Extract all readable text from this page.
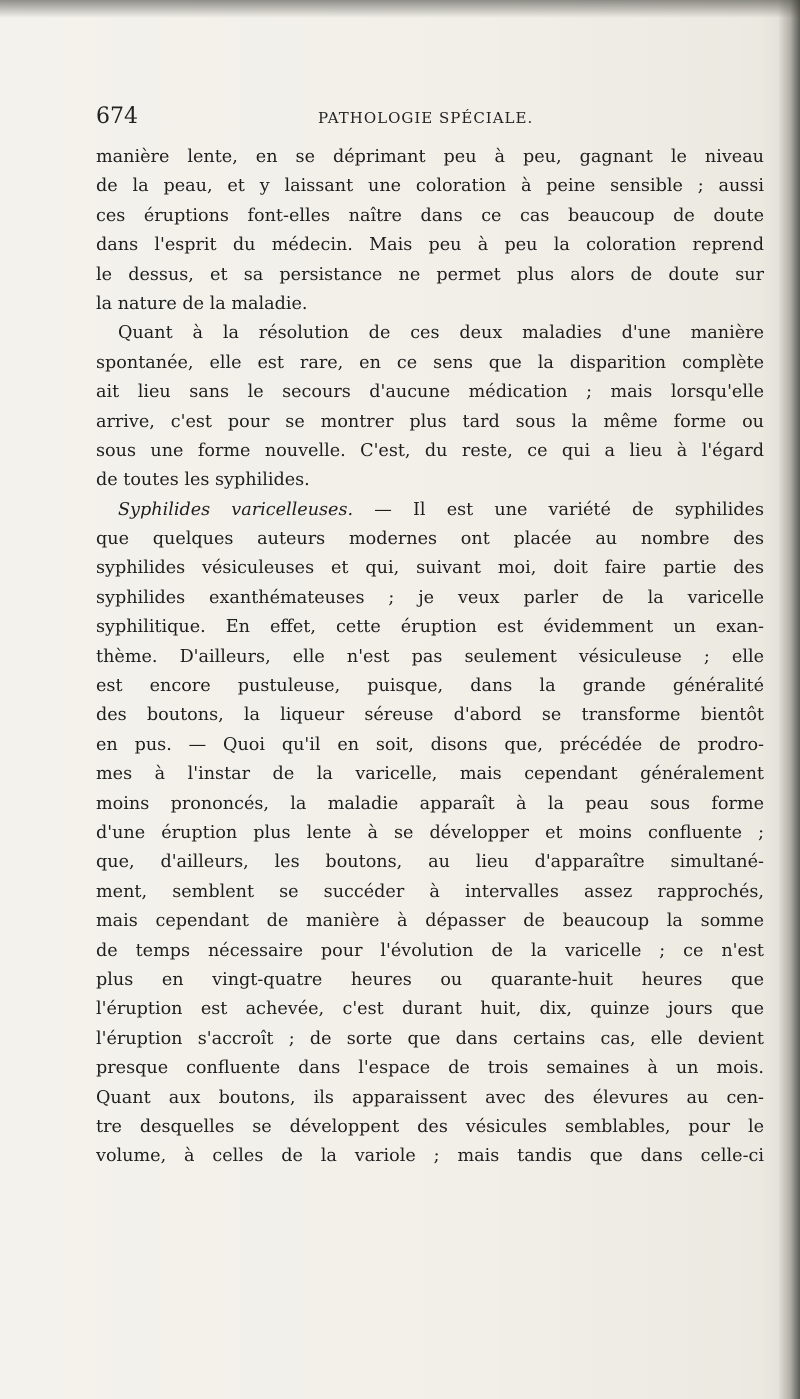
674	PATHOLOGIE SPÉCIALE.
manière lente, en se déprimant peu à peu, gagnant le niveau
de la peau, et y laissant une coloration à peine sensible ; aussi
ces éruptions font-elles naître dans ce cas beaucoup de doute
dans l'esprit du médecin. Mais peu à peu la coloration reprend
le dessus, et sa persistance ne permet plus alors de doute sur
la nature de la maladie.
Quant à la résolution de ces deux maladies d'une manière
spontanée, elle est rare, en ce sens que la disparition complète
ait lieu sans le secours d'aucune médication ; mais lorsqu'elle
arrive, c'est pour se montrer plus tard sous la même forme ou
sous une forme nouvelle. C'est, du reste, ce qui a lieu à l'égard
de toutes les syphilides.
Syphilides varicelleuses. — Il est une variété de syphilides
que quelques auteurs modernes ont placée au nombre des
syphilides vésiculeuses et qui, suivant moi, doit faire partie des
syphilides exanthémateuses ; je veux parler de la varicelle
syphilitique. En effet, cette éruption est évidemment un exan-
thème. D'ailleurs, elle n'est pas seulement vésiculeuse ; elle
est encore pustuleuse, puisque, dans la grande généralité
des boutons, la liqueur séreuse d'abord se transforme bientôt
en pus. — Quoi qu'il en soit, disons que, précédée de prodro-
mes à l'instar de la varicelle, mais cependant généralement
moins prononcés, la maladie apparaît à la peau sous forme
d'une éruption plus lente à se développer et moins confluente ;
que, d'ailleurs, les boutons, au lieu d'apparaître simultané-
ment, semblent se succéder à intervalles assez rapprochés,
mais cependant de manière à dépasser de beaucoup la somme
de temps nécessaire pour l'évolution de la varicelle ; ce n'est
plus en vingt-quatre heures ou quarante-huit heures que
l'éruption est achevée, c'est durant huit, dix, quinze jours que
l'éruption s'accroît ; de sorte que dans certains cas, elle devient
presque confluente dans l'espace de trois semaines à un mois.
Quant aux boutons, ils apparaissent avec des élevures au cen-
tre desquelles se développent des vésicules semblables, pour le
volume, à celles de la variole ; mais tandis que dans celle-ci
